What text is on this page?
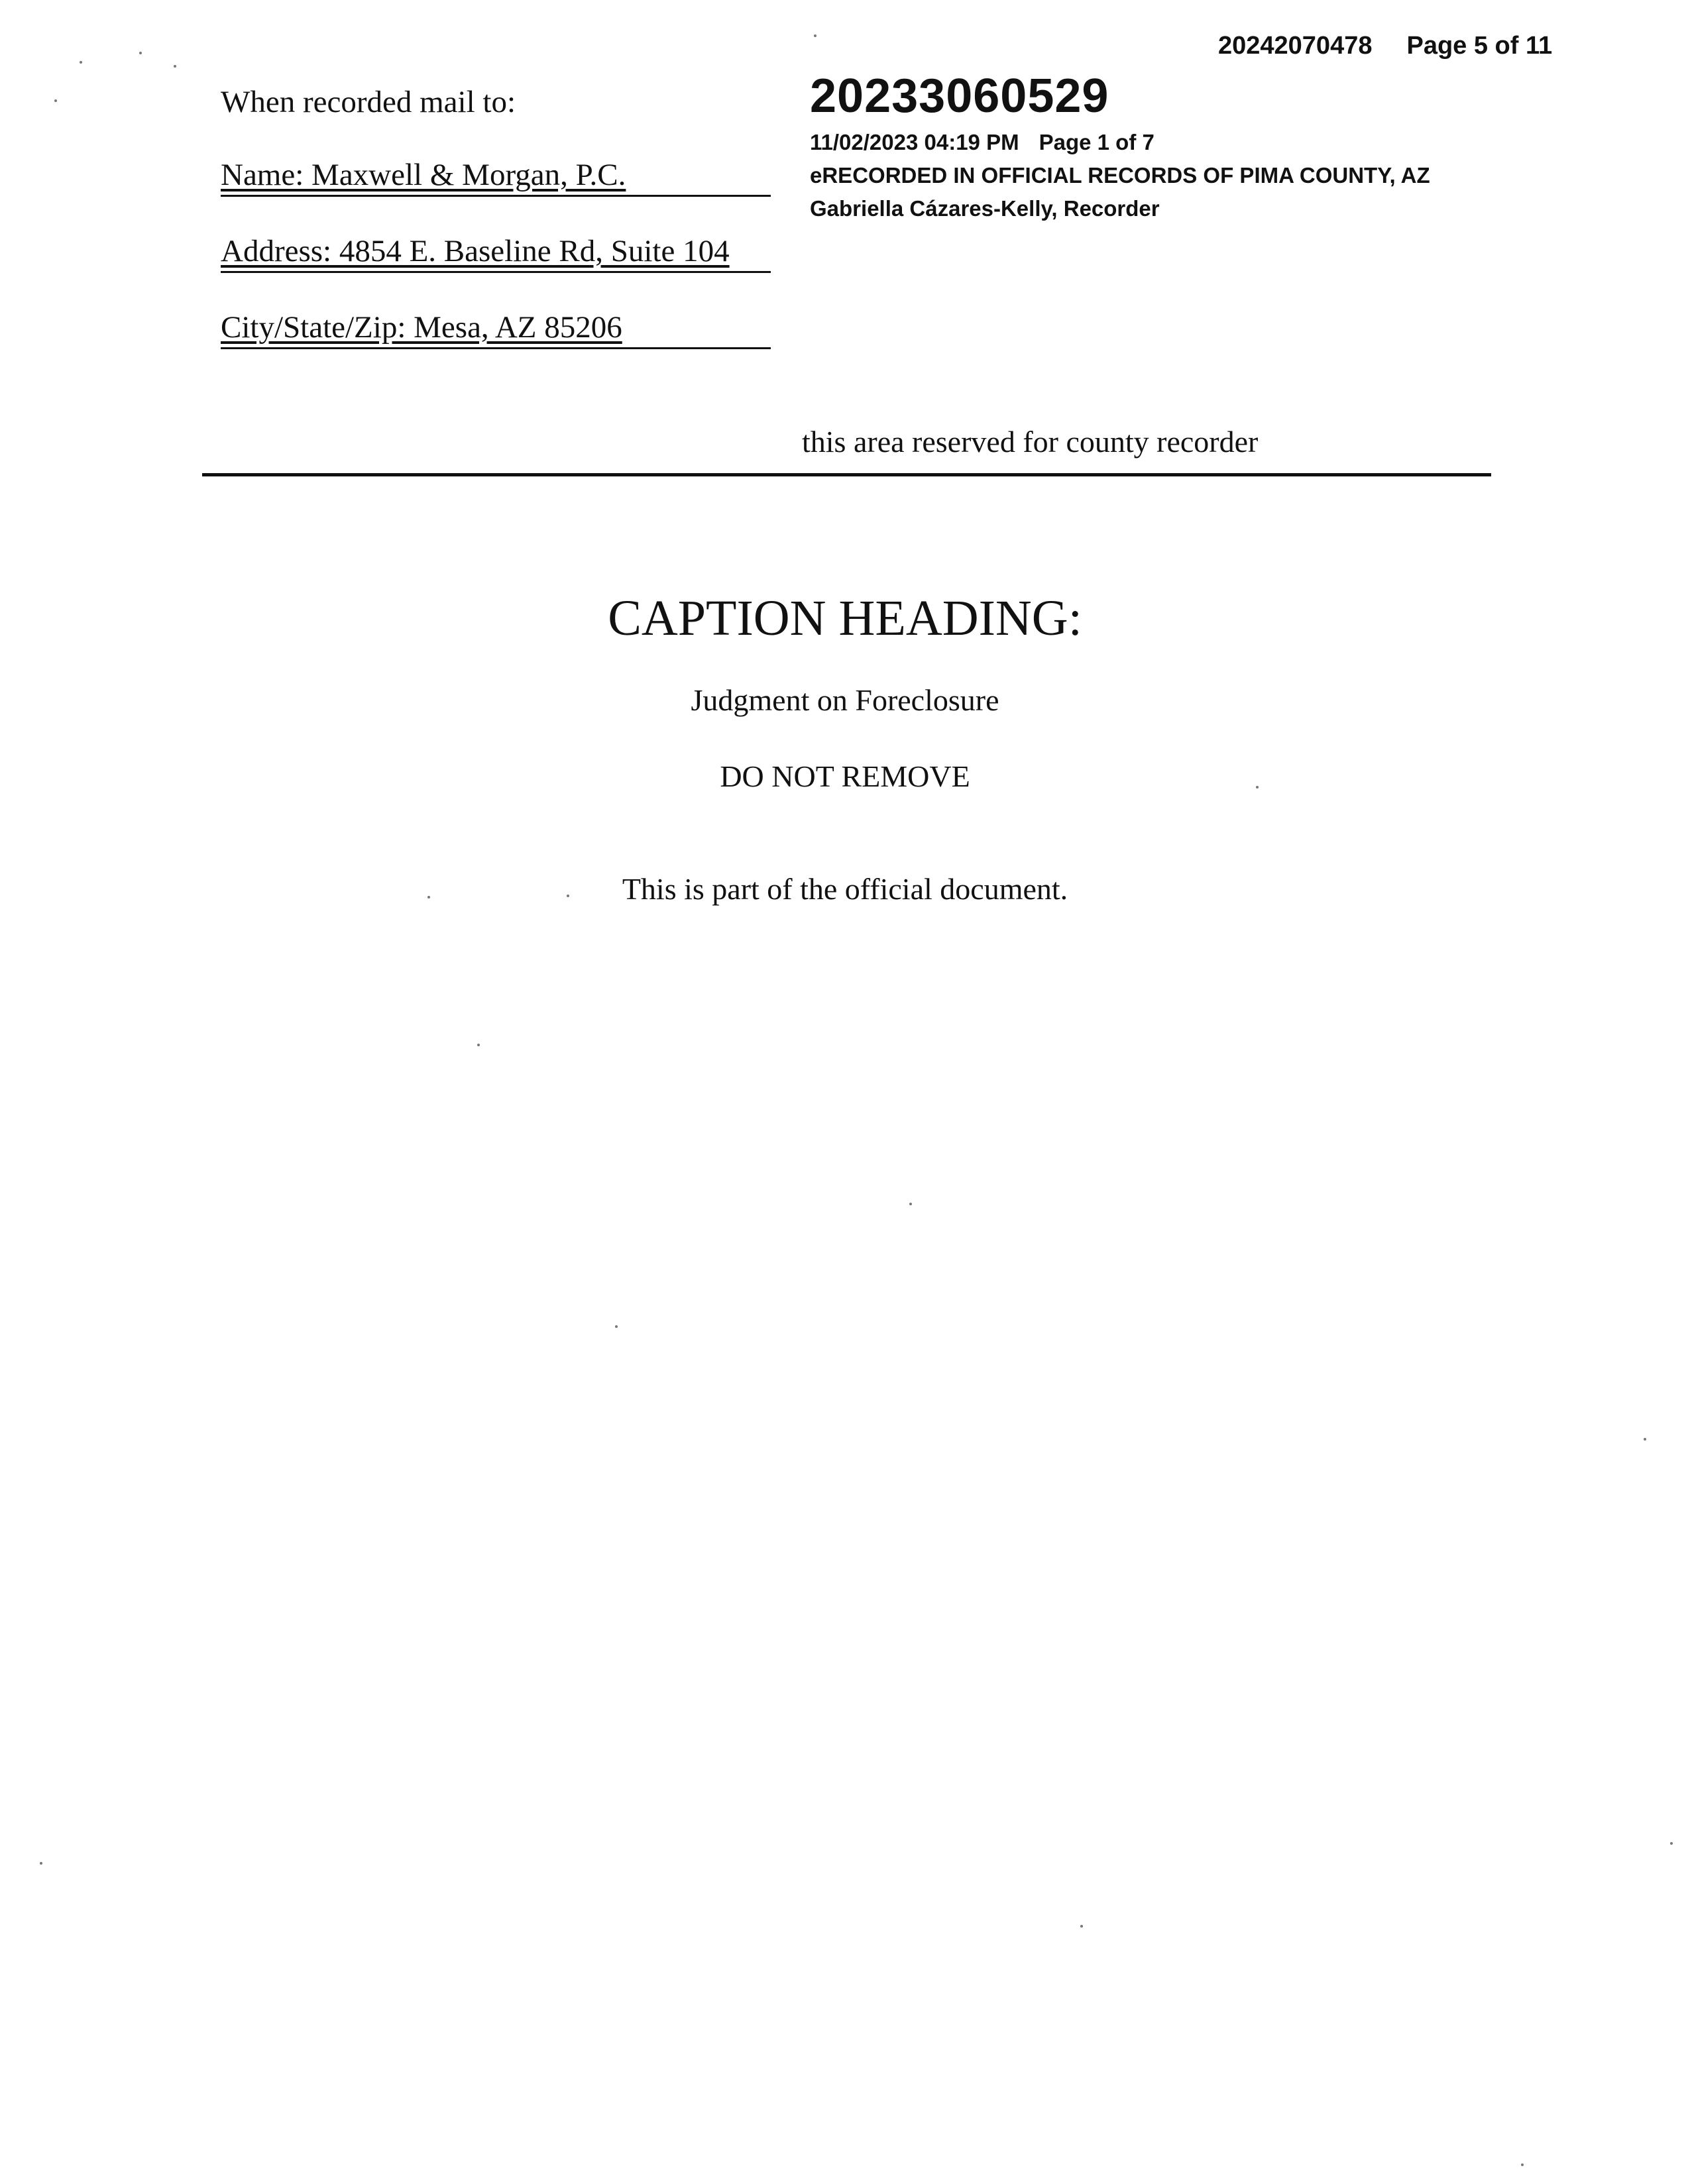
20242070478 Page 5 of 11

When recorded mail to:

Name: Maxwell & Morgan, P.C.
Address: 4854 E. Baseline Rd, Suite 104
City/State/Zip: Mesa, AZ 85206
20233060529
11/02/2023 04:19 PM Page 1 of 7
eRECORDED IN OFFICIAL RECORDS OF PIMA COUNTY, AZ
Gabriella Cázares-Kelly, Recorder
this area reserved for county recorder
CAPTION HEADING:
Judgment on Foreclosure
DO NOT REMOVE
This is part of the official document.
